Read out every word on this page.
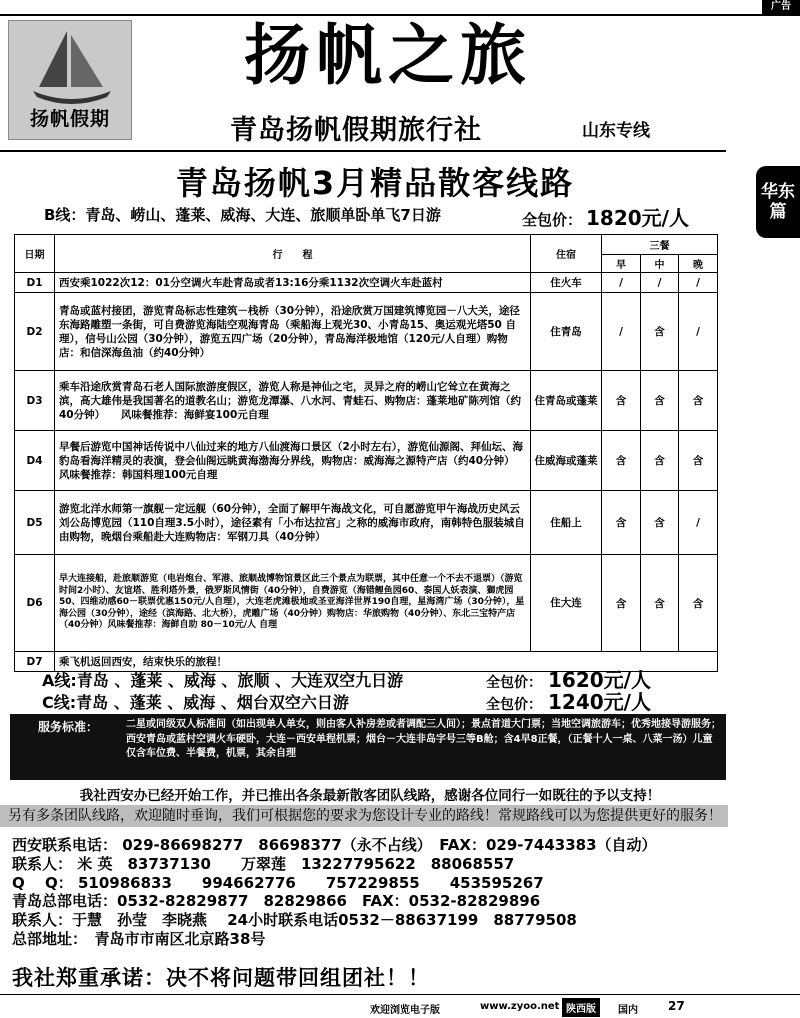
广告
扬帆假期
扬帆之旅
青岛扬帆假期旅行社	山东专线
华东
篇
青岛扬帆3月精品散客线路
B线：青岛、崂山、蓬莱、威海、大连、旅顺单卧单飞7日游	全包价： 1820元/人
日期	行　　程	住宿	三餐		
			早	中	晚
D1	西安乘1022次12：01分空调火车赴青岛或者13:16分乘1132次空调火车赴蓝村	住火车	/	/	/
D2	青岛或蓝村接团，游览青岛标志性建筑－栈桥（30分钟），沿途欣赏万国建筑博览园－八大关，途径东海路雕塑一条街，可自费游览海陆空观海青岛（乘船海上观光30、小青岛15、奥运观光塔50 自理），信号山公园（30分钟），游览五四广场（20分钟），青岛海洋极地馆（120元/人自理）购物店：和信深海鱼油（约40分钟）	住青岛	/	含	/
D3	乘车沿途欣赏青岛石老人国际旅游度假区，游览人称是神仙之宅，灵异之府的崂山它耸立在黄海之滨，高大雄伟是我国著名的道教名山；游览龙潭瀑、八水河、青蛙石、购物店：蓬莱地矿陈列馆（约40分钟）　　风味餐推荐：海鲜宴100元自理	住青岛或蓬莱	含	含	含
D4	早餐后游览中国神话传说中八仙过来的地方八仙渡海口景区（2小时左右），游览仙源阁、拜仙坛、海豹岛看海洋精灵的表演，登会仙阁远眺黄海渤海分界线，购物店：威海海之源特产店（约40分钟）　　风味餐推荐：韩国料理100元自理	住威海或蓬莱	含	含	含
D5	游览北洋水师第一旗舰－定远舰（60分钟），全面了解甲午海战文化，可自愿游览甲午海战历史风云刘公岛博览园（110自理3.5小时），途径素有「小布达拉宫」之称的威海市政府，南韩特色服装城自由购物，晚烟台乘船赴大连购物店：军钢刀具（40分钟）	住船上	含	含	/
D6	早大连接船，赴旅顺游览（电岩炮台、军港、旅顺战博物馆景区此三个景点为联票，其中任意一个不去不退票）（游览时间2小时）、友谊塔、胜利塔外景，俄罗斯风情街（40分钟），自费游览（海错鲤鱼园60、泰国人妖表演、獅虎园50、四维动感60－联票优惠150元/人自理），大连老虎滩极地或圣亚海洋世界190自理，星海湾广场（30分钟），星海公园（30分钟），途经（滨海路、北大桥），虎雕广场（40分钟）购物店：华旅购物（40分钟）、东北三宝特产店（40分钟）风味餐推荐：海鲜自助 80－10元/人 自理	住大连	含	含	含
D7	乘飞机返回西安，结束快乐的旅程！				
A线:青岛 、蓬莱 、威海 、旅顺 、大连双空九日游	全包价： 1620元/人
C线:青岛 、蓬莱 、威海 、烟台双空六日游	全包价： 1240元/人
服务标准：	二星或同级双人标准间（如出现单人单女，则由客人补房差或者调配三人间）；景点首道大门票；当地空调旅游车；优秀地接导游服务；西安青岛或蓝村空调火车硬卧，大连－西安单程机票；烟台－大连非岛字号三等B舱；含4早8正餐，（正餐十人一桌、八菜一汤）儿童仅含车位费、半餐费，机票，其余自理
我社西安办已经开始工作，并已推出各条最新散客团队线路，感谢各位同行一如既往的予以支持！
另有多条团队线路，欢迎随时垂询，我们可根据您的要求为您设计专业的路线！常规路线可以为您提供更好的服务！
西安联系电话： 029-86698277　86698377（永不占线）　FAX：029-7443383（自动）
联系人： 米 英　83737130　　万翠莲　13227795622　88068557
Q　 Q： 510986833　　994662776　　757229855　　453595267
青岛总部电话：0532-82829877　82829866　FAX：0532-82829896
联系人：于慧　孙莹　李晓燕　 24小时联系电话0532－88637199　88779508
总部地址：　青岛市市南区北京路38号
我社郑重承诺：决不将问题带回组团社！！
欢迎浏览电子版	www.zyoo.net 陕西版	国内	27
